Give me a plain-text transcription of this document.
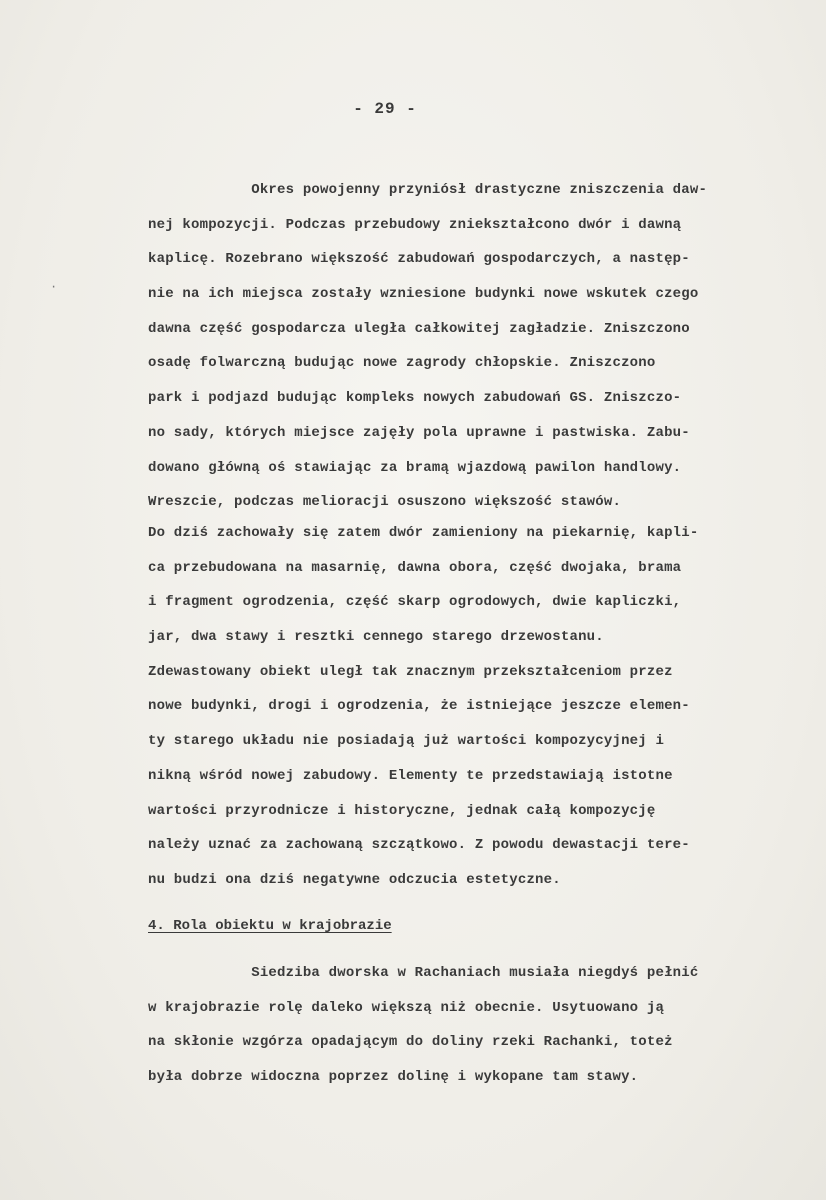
- 29 -
·
Okres powojenny przyniósł drastyczne zniszczenia daw-
nej kompozycji. Podczas przebudowy zniekształcono dwór i dawną
kaplicę. Rozebrano większość zabudowań gospodarczych, a następ-
nie na ich miejsca zostały wzniesione budynki nowe wskutek czego
dawna część gospodarcza uległa całkowitej zagładzie. Zniszczono
osadę folwarczną budując nowe zagrody chłopskie. Zniszczono
park i podjazd budując kompleks nowych zabudowań GS. Zniszczo-
no sady, których miejsce zajęły pola uprawne i pastwiska. Zabu-
dowano główną oś stawiając za bramą wjazdową pawilon handlowy.
Wreszcie, podczas melioracji osuszono większość stawów.
Do dziś zachowały się zatem dwór zamieniony na piekarnię, kapli-
ca przebudowana na masarnię, dawna obora, część dwojaka, brama
i fragment ogrodzenia, część skarp ogrodowych, dwie kapliczki,
jar, dwa stawy i resztki cennego starego drzewostanu.
Zdewastowany obiekt uległ tak znacznym przekształceniom przez
nowe budynki, drogi i ogrodzenia, że istniejące jeszcze elemen-
ty starego układu nie posiadają już wartości kompozycyjnej i
nikną wśród nowej zabudowy. Elementy te przedstawiają istotne
wartości przyrodnicze i historyczne, jednak całą kompozycję
należy uznać za zachowaną szczątkowo. Z powodu dewastacji tere-
nu budzi ona dziś negatywne odczucia estetyczne.
4. Rola obiektu w krajobrazie
Siedziba dworska w Rachaniach musiała niegdyś pełnić
w krajobrazie rolę daleko większą niż obecnie. Usytuowano ją
na skłonie wzgórza opadającym do doliny rzeki Rachanki, toteż
była dobrze widoczna poprzez dolinę i wykopane tam stawy.
